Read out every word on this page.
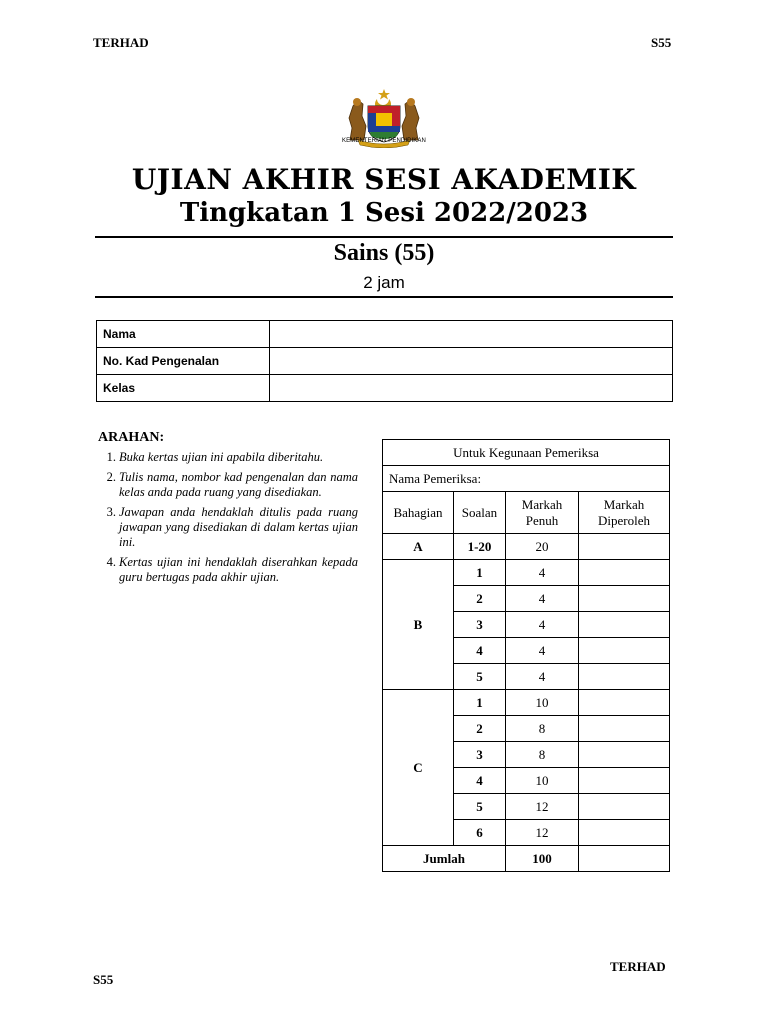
TERHAD	S55
KEMENTERIAN PENDIDIKAN
UJIAN AKHIR SESI AKADEMIK
Tingkatan 1 Sesi 2022/2023
Sains (55)
2 jam
Nama	
No. Kad Pengenalan	
Kelas	
ARAHAN:
1. Buka kertas ujian ini apabila diberitahu.
2. Tulis nama, nombor kad pengenalan dan nama kelas anda pada ruang yang disediakan.
3. Jawapan anda hendaklah ditulis pada ruang jawapan yang disediakan di dalam kertas ujian ini.
4. Kertas ujian ini hendaklah diserahkan kepada guru bertugas pada akhir ujian.
Untuk Kegunaan Pemeriksa			
Nama Pemeriksa:			
Bahagian	Soalan	Markah Penuh	Markah Diperoleh
A	1-20	20	
B	1	4	
	2	4	
	3	4	
	4	4	
	5	4	
C	1	10	
	2	8	
	3	8	
	4	10	
	5	12	
	6	12	
Jumlah		100	
S55
TERHAD
